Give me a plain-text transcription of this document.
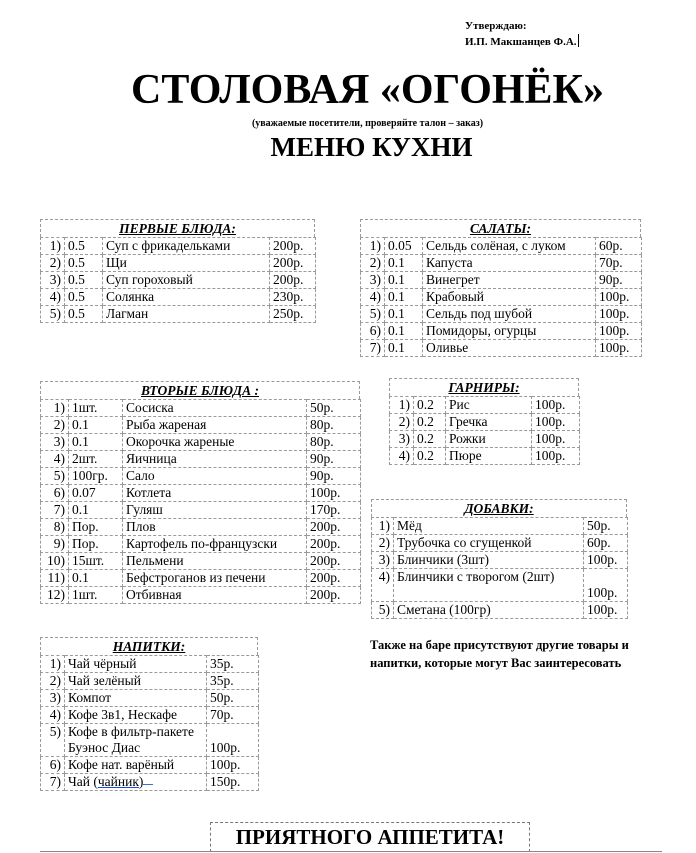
Утверждаю:
И.П. Макшанцев Ф.А.
СТОЛОВАЯ «ОГОНЁК»
(уважаемые посетители, проверяйте талон – заказ)
МЕНЮ КУХНИ
ПЕРВЫЕ БЛЮДА:
1)	0.5	Суп с фрикадельками	200р.
2)	0.5	Щи	200р.
3)	0.5	Суп гороховый	200р.
4)	0.5	Солянка	230р.
5)	0.5	Лагман	250р.
САЛАТЫ:
1)	0.05	Сельдь солёная, с луком	60р.
2)	0.1	Капуста	70р.
3)	0.1	Винегрет	90р.
4)	0.1	Крабовый	100р.
5)	0.1	Сельдь под шубой	100р.
6)	0.1	Помидоры, огурцы	100р.
7)	0.1	Оливье	100р.
ВТОРЫЕ БЛЮДА :
1)	1шт.	Сосиска	50р.
2)	0.1	Рыба жареная	80р.
3)	0.1	Окорочка жареные	80р.
4)	2шт.	Яичница	90р.
5)	100гр.	Сало	90р.
6)	0.07	Котлета	100р.
7)	0.1	Гуляш	170р.
8)	Пор.	Плов	200р.
9)	Пор.	Картофель по-французски	200р.
10)	15шт.	Пельмени	200р.
11)	0.1	Бефстроганов из печени	200р.
12)	1шт.	Отбивная	200р.
ГАРНИРЫ:
1)	0.2	Рис	100р.
2)	0.2	Гречка	100р.
3)	0.2	Рожки	100р.
4)	0.2	Пюре	100р.
ДОБАВКИ:
1)	Мёд	50р.
2)	Трубочка со сгущенкой	60р.
3)	Блинчики (3шт)	100р.
4)	Блинчики с творогом (2шт)	100р.
5)	Сметана (100гр)	100р.
НАПИТКИ:
1)	Чай чёрный	35р.
2)	Чай зелёный	35р.
3)	Компот	50р.
4)	Кофе 3в1, Нескафе	70р.
5)	Кофе в фильтр-пакете Буэнос Диас	100р.
6)	Кофе нат. варёный	100р.
7)	Чай (чайник)	150р.
Также на баре присутствуют другие товары и напитки, которые могут Вас заинтересовать
ПРИЯТНОГО АППЕТИТА!
